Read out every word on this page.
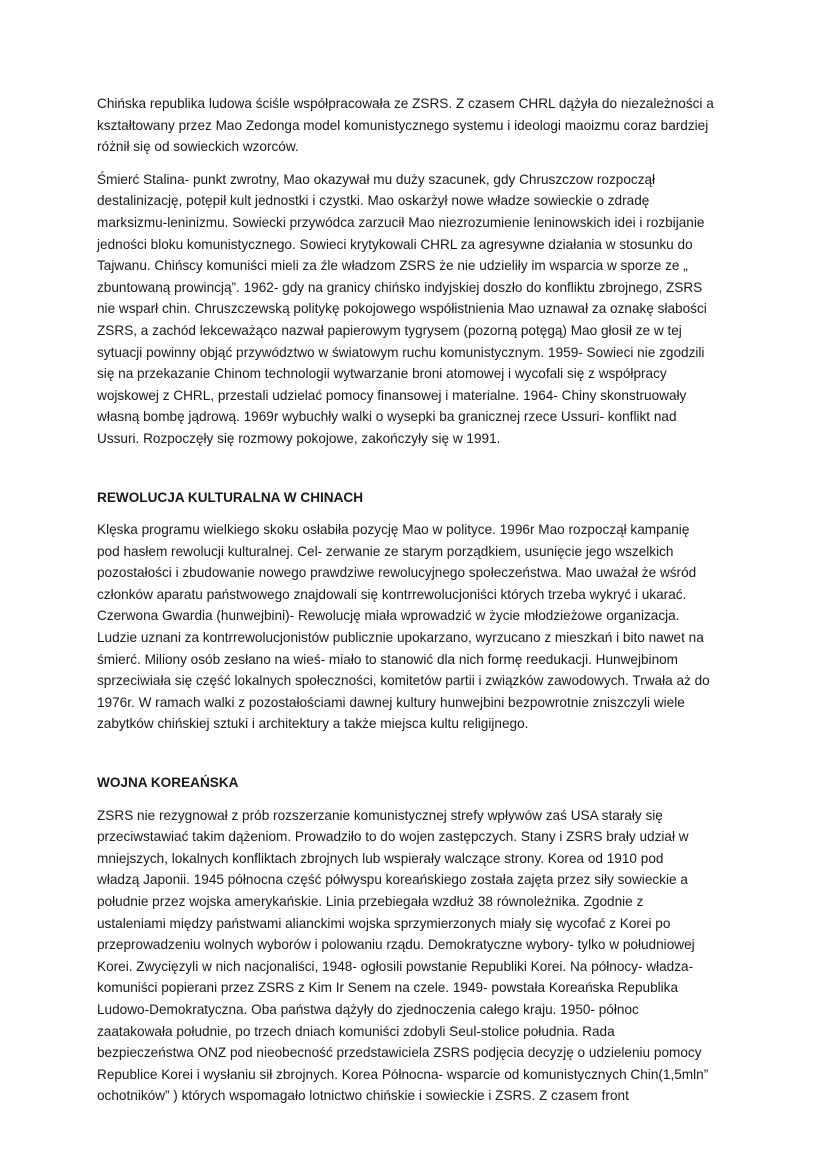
Chińska republika ludowa ściśle współpracowała ze ZSRS. Z czasem CHRL dążyła do niezależności a
kształtowany przez Mao Zedonga model komunistycznego systemu i ideologi maoizmu coraz bardziej
różnił się od sowieckich wzorców.

Śmierć Stalina- punkt zwrotny, Mao okazywał mu duży szacunek, gdy Chruszczow rozpoczął
destalinizację, potępił kult jednostki i czystki. Mao oskarżył nowe władze sowieckie o zdradę
marksizmu-leninizmu. Sowiecki przywódca zarzucił Mao niezrozumienie leninowskich idei i rozbijanie
jedności bloku komunistycznego. Sowieci krytykowali CHRL za agresywne działania w stosunku do
Tajwanu. Chińscy komuniści mieli za źle władzom ZSRS że nie udzieliły im wsparcia w sporze ze „
zbuntowaną prowincją”. 1962- gdy na granicy chińsko indyjskiej doszło do konfliktu zbrojnego, ZSRS
nie wsparł chin. Chruszczewską politykę pokojowego współistnienia Mao uznawał za oznakę słabości
ZSRS, a zachód lekceważąco nazwał papierowym tygrysem (pozorną potęgą) Mao głosił ze w tej
sytuacji powinny objąć przywództwo w światowym ruchu komunistycznym. 1959- Sowieci nie zgodzili
się na przekazanie Chinom technologii wytwarzanie broni atomowej i wycofali się z współpracy
wojskowej z CHRL, przestali udzielać pomocy finansowej i materialne. 1964- Chiny skonstruowały
własną bombę jądrową. 1969r wybuchły walki o wysepki ba granicznej rzece Ussuri- konflikt nad
Ussuri. Rozpoczęły się rozmowy pokojowe, zakończyły się w 1991.

REWOLUCJA KULTURALNA W CHINACH

Klęska programu wielkiego skoku osłabiła pozycję Mao w polityce. 1996r Mao rozpoczął kampanię
pod hasłem rewolucji kulturalnej. Cel- zerwanie ze starym porządkiem, usunięcie jego wszelkich
pozostałości i zbudowanie nowego prawdziwe rewolucyjnego społeczeństwa. Mao uważał że wśród
członków aparatu państwowego znajdowali się kontrrewolucjoniści których trzeba wykryć i ukarać.
Czerwona Gwardia (hunwejbini)- Rewolucję miała wprowadzić w życie młodzieżowe organizacja.
Ludzie uznani za kontrrewolucjonistów publicznie upokarzano, wyrzucano z mieszkań i bito nawet na
śmierć. Miliony osób zesłano na wieś- miało to stanowić dla nich formę reedukacji. Hunwejbinom
sprzeciwiała się część lokalnych społeczności, komitetów partii i związków zawodowych. Trwała aż do
1976r. W ramach walki z pozostałościami dawnej kultury hunwejbini bezpowrotnie zniszczyli wiele
zabytków chińskiej sztuki i architektury a także miejsca kultu religijnego.

WOJNA KOREAŃSKA

ZSRS nie rezygnował z prób rozszerzanie komunistycznej strefy wpływów zaś USA starały się
przeciwstawiać takim dążeniom. Prowadziło to do wojen zastępczych. Stany i ZSRS brały udział w
mniejszych, lokalnych konfliktach zbrojnych lub wspierały walczące strony. Korea od 1910 pod
władzą Japonii. 1945 północna część półwyspu koreańskiego została zajęta przez siły sowieckie a
południe przez wojska amerykańskie. Linia przebiegała wzdłuż 38 równoleżnika. Zgodnie z
ustaleniami między państwami alianckimi wojska sprzymierzonych miały się wycofać z Korei po
przeprowadzeniu wolnych wyborów i polowaniu rządu. Demokratyczne wybory- tylko w południowej
Korei. Zwycięzyli w nich nacjonaliści, 1948- ogłosili powstanie Republiki Korei. Na północy- władza-
komuniści popierani przez ZSRS z Kim Ir Senem na czele. 1949- powstała Koreańska Republika
Ludowo-Demokratyczna. Oba państwa dążyły do zjednoczenia całego kraju. 1950- północ
zaatakowała południe, po trzech dniach komuniści zdobyli Seul-stolice południa. Rada
bezpieczeństwa ONZ pod nieobecność przedstawiciela ZSRS podjęcia decyzję o udzieleniu pomocy
Republice Korei i wysłaniu sił zbrojnych. Korea Północna- wsparcie od komunistycznych Chin(1,5mln”
ochotników” ) których wspomagało lotnictwo chińskie i sowieckie i ZSRS. Z czasem front
